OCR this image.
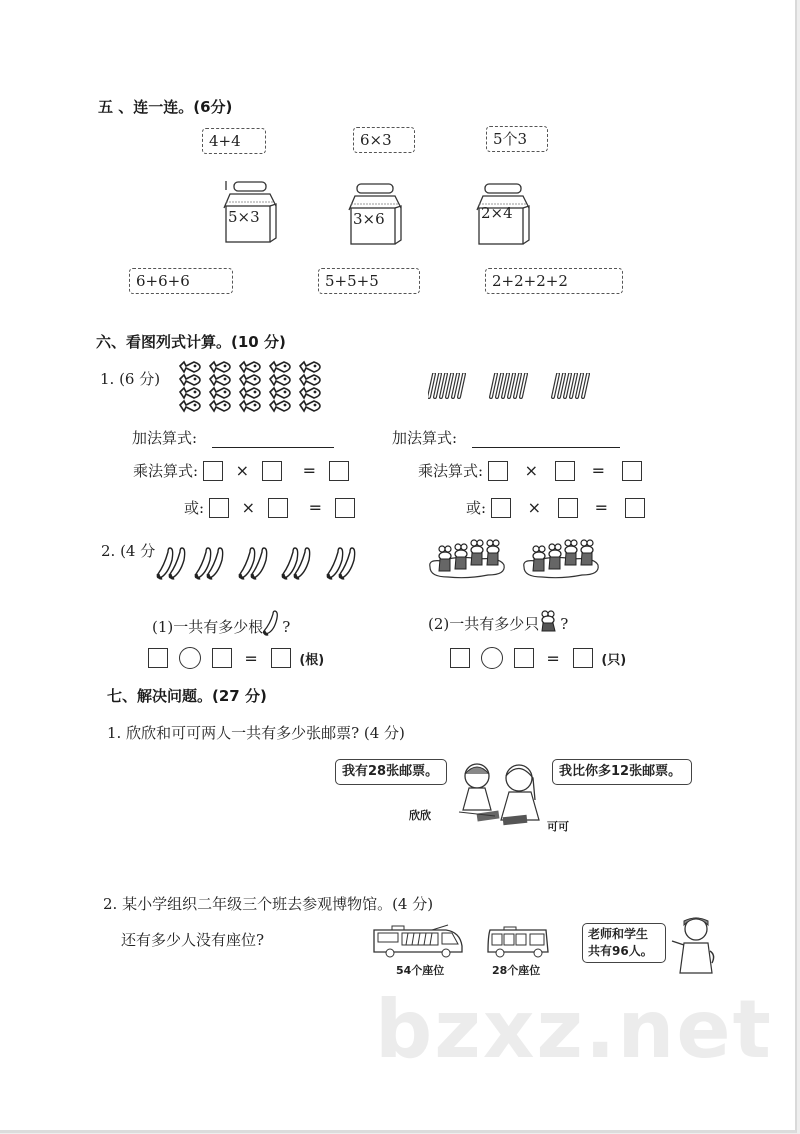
五 、连一连。(6分)
4+4	6×3	5个3
5×3	3×6	2×4
6+6+6	5+5+5	2+2+2+2
六、看图列式计算。(10 分)
1. (6 分)
加法算式:	加法算式:
乘法算式: ×	=
或: ×	=
乘法算式:	×	=
或:	×	=
2. (4 分
(1)一共有多少根 ?
=	(根)
(2)一共有多少只 ?
=	(只)
七、解决问题。(27 分)
1. 欣欣和可可两人一共有多少张邮票? (4 分)
我有28张邮票。	我比你多12张邮票。
欣欣
可可
2. 某小学组织二年级三个班去参观博物馆。(4 分)
还有多少人没有座位?
54个座位	28个座位
老师和学生
共有96人。
bzxz.net
